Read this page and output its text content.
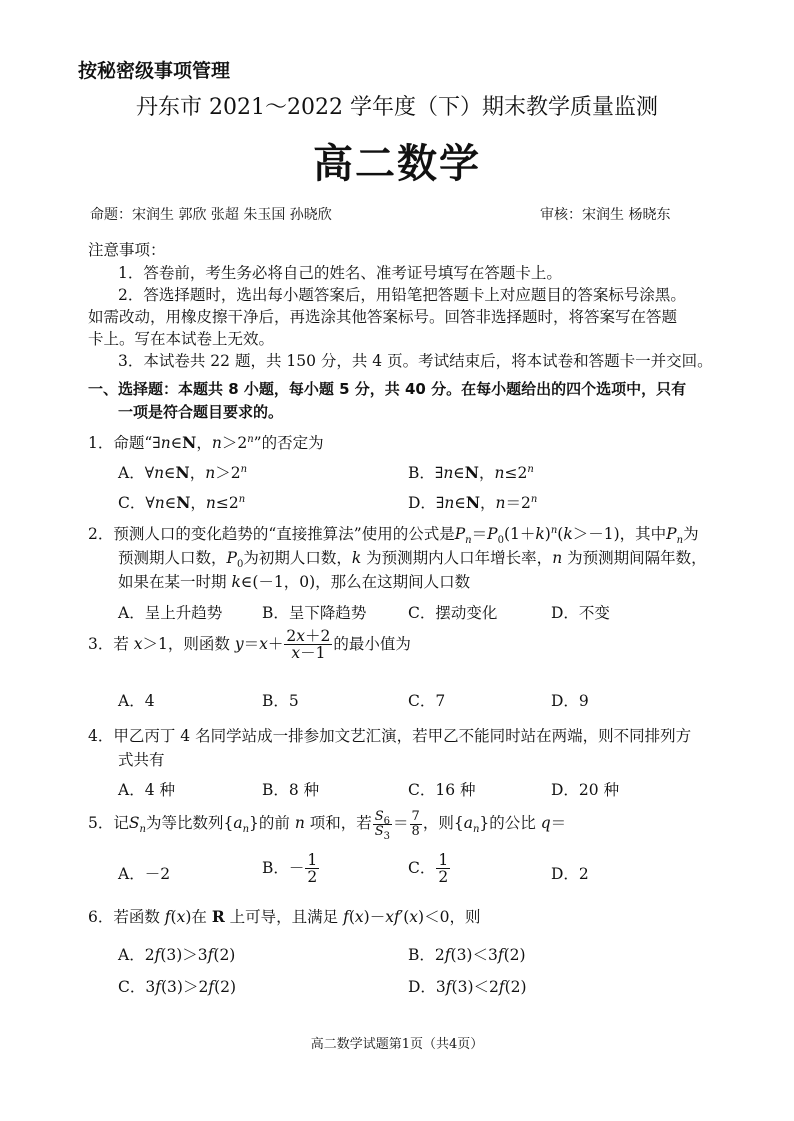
按秘密级事项管理
丹东市 2021～2022 学年度（下）期末教学质量监测
高二数学
命题：宋润生 郭欣 张超 朱玉国 孙晓欣	审核：宋润生 杨晓东
注意事项：
1．答卷前，考生务必将自己的姓名、准考证号填写在答题卡上。
2．答选择题时，选出每小题答案后，用铅笔把答题卡上对应题目的答案标号涂黑。
如需改动，用橡皮擦干净后，再选涂其他答案标号。回答非选择题时，将答案写在答题
卡上。写在本试卷上无效。
3．本试卷共 22 题，共 150 分，共 4 页。考试结束后，将本试卷和答题卡一并交回。
一、选择题：本题共 8 小题，每小题 5 分，共 40 分。在每小题给出的四个选项中，只有
一项是符合题目要求的。
1．命题“∃n∈N，$n>2^n$”的否定为
A．∀n∈N，$n>2^n$	B．∃n∈N，$n\le 2^n$
C．∀n∈N，$n\le 2^n$	D．∃n∈N，$n=2^n$
2．预测人口的变化趋势的“直接推算法”使用的公式是$P_n=P_0(1+k)^n(k>-1)$，其中$P_n$为
预测期人口数，$P_0$为初期人口数，k 为预测期内人口年增长率，n 为预测期间隔年数，
如果在某一时期 k∈(－1，0)，那么在这期间人口数
A．呈上升趋势	B．呈下降趋势	C．摆动变化	D．不变
3．若 x＞1，则函数 $y=x+ \frac{2x+2}{x-1}$ 的最小值为
A．4	B．5	C．7	D．9
4．甲乙丙丁 4 名同学站成一排参加文艺汇演，若甲乙不能同时站在两端，则不同排列方
式共有
A．4 种	B．8 种	C．16 种	D．20 种
5．记$S_n$为等比数列$\{a_n\}$的前 n 项和，若 $\frac{S_6}{S_3} = \frac{7}{8}$ ，则$\{a_n\}$的公比 q＝
A．－2	B．－ $\frac{1}{2}$	C． $\frac{1}{2}$	D．2
6．若函数 f(x)在 R 上可导，且满足 f(x)－xf′(x)＜0，则
A．2f(3)＞3f(2)	B．2f(3)＜3f(2)
C．3f(3)＞2f(2)	D．3f(3)＜2f(2)
高二数学试题第1页（共4页）
